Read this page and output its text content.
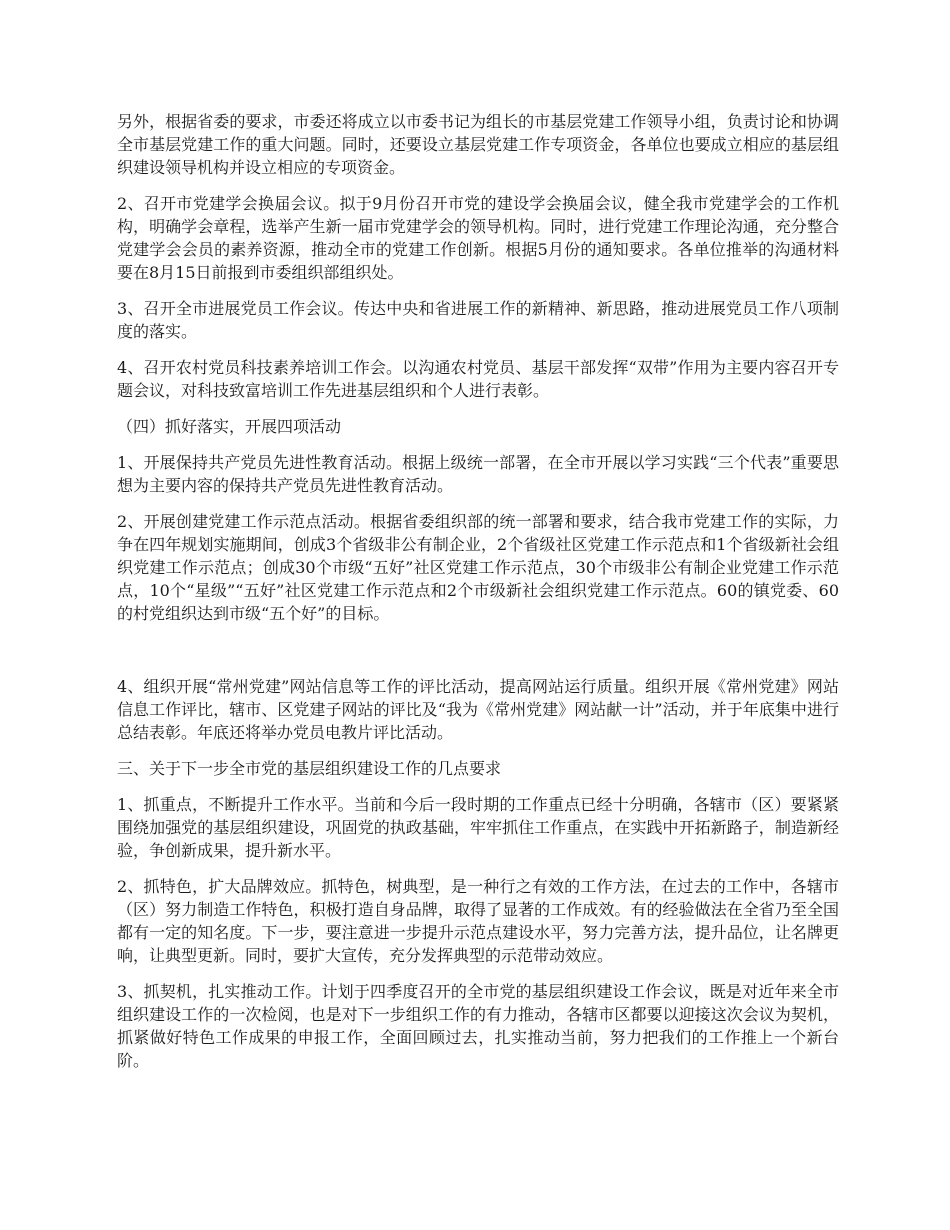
另外，根据省委的要求，市委还将成立以市委书记为组长的市基层党建工作领导小组，负责讨论和协调全市基层党建工作的重大问题。同时，还要设立基层党建工作专项资金，各单位也要成立相应的基层组织建设领导机构并设立相应的专项资金。

2、召开市党建学会换届会议。拟于9月份召开市党的建设学会换届会议，健全我市党建学会的工作机构，明确学会章程，选举产生新一届市党建学会的领导机构。同时，进行党建工作理论沟通，充分整合党建学会会员的素养资源，推动全市的党建工作创新。根据5月份的通知要求。各单位推举的沟通材料要在8月15日前报到市委组织部组织处。

3、召开全市进展党员工作会议。传达中央和省进展工作的新精神、新思路，推动进展党员工作八项制度的落实。

4、召开农村党员科技素养培训工作会。以沟通农村党员、基层干部发挥“双带”作用为主要内容召开专题会议，对科技致富培训工作先进基层组织和个人进行表彰。

（四）抓好落实，开展四项活动

1、开展保持共产党员先进性教育活动。根据上级统一部署，在全市开展以学习实践“三个代表”重要思想为主要内容的保持共产党员先进性教育活动。

2、开展创建党建工作示范点活动。根据省委组织部的统一部署和要求，结合我市党建工作的实际，力争在四年规划实施期间，创成3个省级非公有制企业，2个省级社区党建工作示范点和1个省级新社会组织党建工作示范点；创成30个市级“五好”社区党建工作示范点，30个市级非公有制企业党建工作示范点，10个“星级”“五好”社区党建工作示范点和2个市级新社会组织党建工作示范点。60的镇党委、60的村党组织达到市级“五个好”的目标。

4、组织开展“常州党建”网站信息等工作的评比活动，提高网站运行质量。组织开展《常州党建》网站信息工作评比，辖市、区党建子网站的评比及“我为《常州党建》网站献一计”活动，并于年底集中进行总结表彰。年底还将举办党员电教片评比活动。

三、关于下一步全市党的基层组织建设工作的几点要求

1、抓重点，不断提升工作水平。当前和今后一段时期的工作重点已经十分明确，各辖市（区）要紧紧围绕加强党的基层组织建设，巩固党的执政基础，牢牢抓住工作重点，在实践中开拓新路子，制造新经验，争创新成果，提升新水平。

2、抓特色，扩大品牌效应。抓特色，树典型，是一种行之有效的工作方法，在过去的工作中，各辖市（区）努力制造工作特色，积极打造自身品牌，取得了显著的工作成效。有的经验做法在全省乃至全国都有一定的知名度。下一步，要注意进一步提升示范点建设水平，努力完善方法，提升品位，让名牌更响，让典型更新。同时，要扩大宣传，充分发挥典型的示范带动效应。

3、抓契机，扎实推动工作。计划于四季度召开的全市党的基层组织建设工作会议，既是对近年来全市组织建设工作的一次检阅，也是对下一步组织工作的有力推动，各辖市区都要以迎接这次会议为契机，抓紧做好特色工作成果的申报工作，全面回顾过去，扎实推动当前，努力把我们的工作推上一个新台阶。
